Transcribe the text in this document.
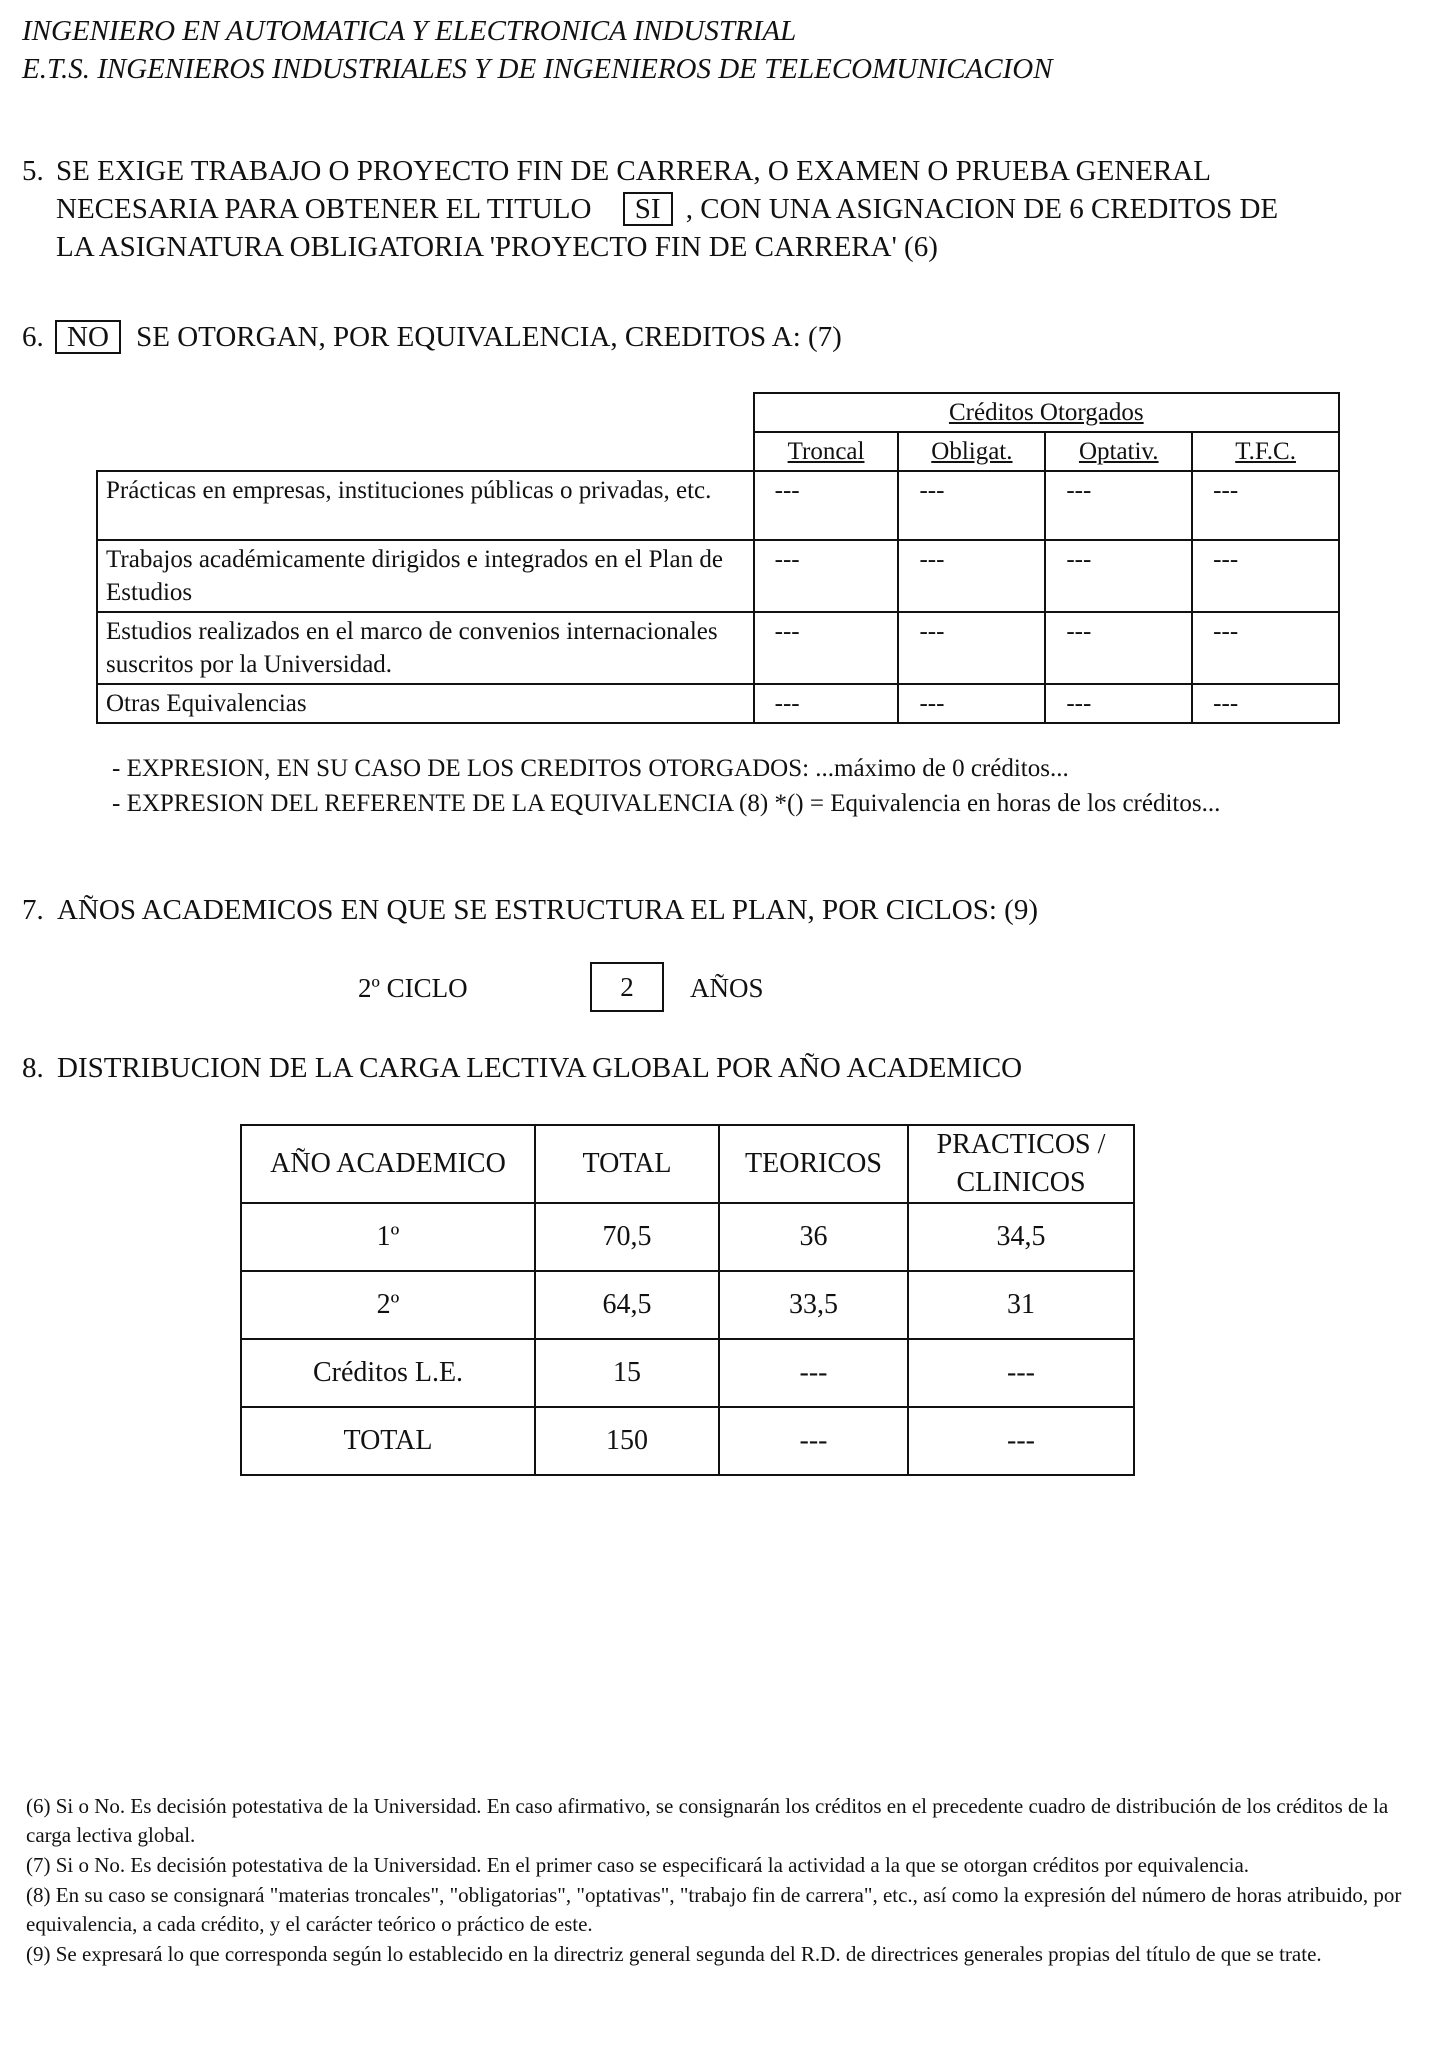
INGENIERO EN AUTOMATICA Y ELECTRONICA INDUSTRIAL
E.T.S. INGENIEROS INDUSTRIALES Y DE INGENIEROS DE TELECOMUNICACION
5. SE EXIGE TRABAJO O PROYECTO FIN DE CARRERA, O EXAMEN O PRUEBA GENERAL
NECESARIA PARA OBTENER EL TITULO SI , CON UNA ASIGNACION DE 6 CREDITOS DE
LA ASIGNATURA OBLIGATORIA 'PROYECTO FIN DE CARRERA' (6)
6. NO SE OTORGAN, POR EQUIVALENCIA, CREDITOS A: (7)
	Créditos Otorgados			
	Troncal	Obligat.	Optativ.	T.F.C.
Prácticas en empresas, instituciones públicas o privadas, etc.	---	---	---	---
Trabajos académicamente dirigidos e integrados en el Plan de Estudios	---	---	---	---
Estudios realizados en el marco de convenios internacionales suscritos por la Universidad.	---	---	---	---
Otras Equivalencias	---	---	---	---
- EXPRESION, EN SU CASO DE LOS CREDITOS OTORGADOS: ...máximo de 0 créditos...
- EXPRESION DEL REFERENTE DE LA EQUIVALENCIA (8) *() = Equivalencia en horas de los créditos...
7. AÑOS ACADEMICOS EN QUE SE ESTRUCTURA EL PLAN, POR CICLOS: (9)
2º CICLO	2	AÑOS
8. DISTRIBUCION DE LA CARGA LECTIVA GLOBAL POR AÑO ACADEMICO
AÑO ACADEMICO	TOTAL	TEORICOS	PRACTICOS / CLINICOS
1º	70,5	36	34,5
2º	64,5	33,5	31
Créditos L.E.	15	---	---
TOTAL	150	---	---

(6) Si o No. Es decisión potestativa de la Universidad. En caso afirmativo, se consignarán los créditos en el precedente cuadro de distribución de los créditos de la carga lectiva global.

(7) Si o No. Es decisión potestativa de la Universidad. En el primer caso se especificará la actividad a la que se otorgan créditos por equivalencia.

(8) En su caso se consignará "materias troncales", "obligatorias", "optativas", "trabajo fin de carrera", etc., así como la expresión del número de horas atribuido, por equivalencia, a cada crédito, y el carácter teórico o práctico de este.

(9) Se expresará lo que corresponda según lo establecido en la directriz general segunda del R.D. de directrices generales propias del título de que se trate.
